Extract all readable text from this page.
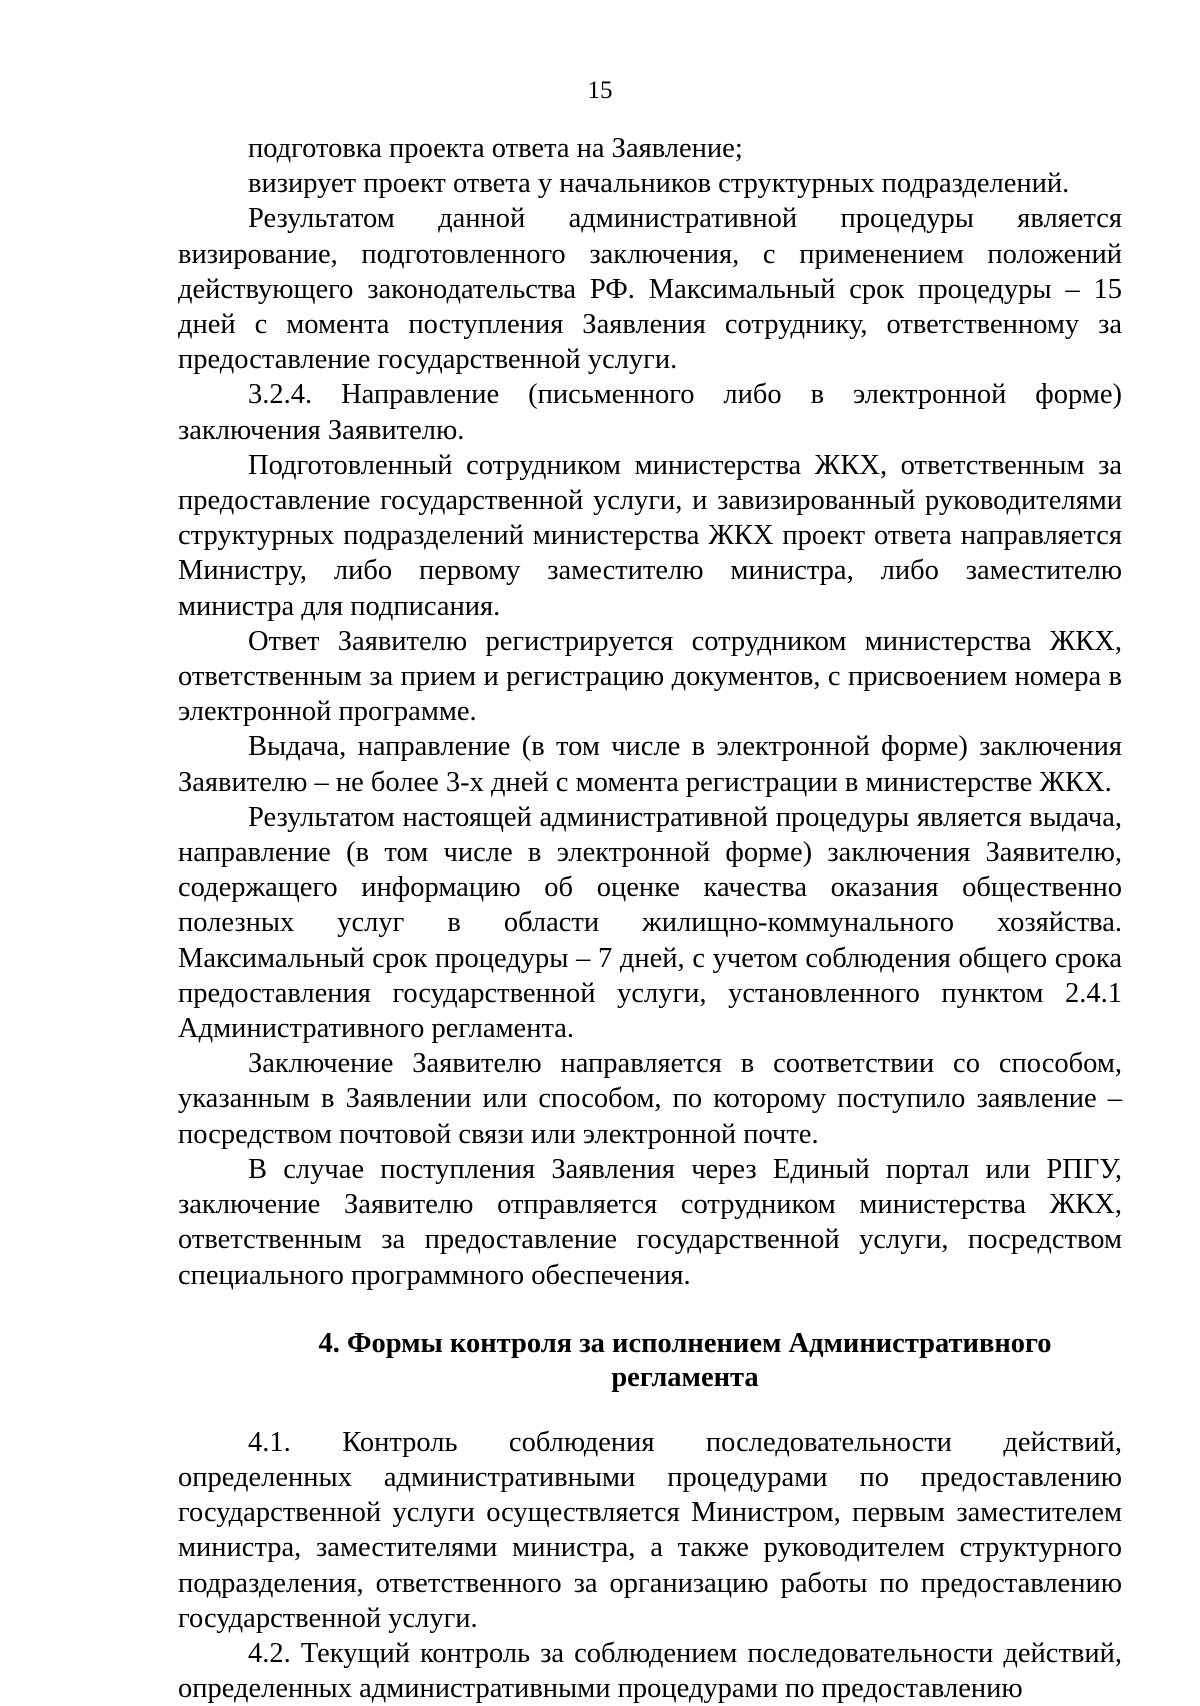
15

подготовка проекта ответа на Заявление;

визирует проект ответа у начальников структурных подразделений.

Результатом данной административной процедуры является визирование, подготовленного заключения, с применением положений действующего законодательства РФ. Максимальный срок процедуры – 15 дней с момента поступления Заявления сотруднику, ответственному за предоставление государственной услуги.

3.2.4. Направление (письменного либо в электронной форме) заключения Заявителю.

Подготовленный сотрудником министерства ЖКХ, ответственным за предоставление государственной услуги, и завизированный руководителями структурных подразделений министерства ЖКХ проект ответа направляется Министру, либо первому заместителю министра, либо заместителю министра для подписания.

Ответ Заявителю регистрируется сотрудником министерства ЖКХ, ответственным за прием и регистрацию документов, с присвоением номера в электронной программе.

Выдача, направление (в том числе в электронной форме) заключения Заявителю – не более 3-х дней с момента регистрации в министерстве ЖКХ.

Результатом настоящей административной процедуры является выдача, направление (в том числе в электронной форме) заключения Заявителю, содержащего информацию об оценке качества оказания общественно полезных услуг в области жилищно-коммунального хозяйства. Максимальный срок процедуры – 7 дней, с учетом соблюдения общего срока предоставления государственной услуги, установленного пунктом 2.4.1 Административного регламента.

Заключение Заявителю направляется в соответствии со способом, указанным в Заявлении или способом, по которому поступило заявление – посредством почтовой связи или электронной почте.

В случае поступления Заявления через Единый портал или РПГУ, заключение Заявителю отправляется сотрудником министерства ЖКХ, ответственным за предоставление государственной услуги, посредством специального программного обеспечения.

4. Формы контроля за исполнением Административного
регламента

4.1. Контроль соблюдения последовательности действий, определенных административными процедурами по предоставлению государственной услуги осуществляется Министром, первым заместителем министра, заместителями министра, а также руководителем структурного подразделения, ответственного за организацию работы по предоставлению государственной услуги.

4.2. Текущий контроль за соблюдением последовательности действий, определенных административными процедурами по предоставлению
